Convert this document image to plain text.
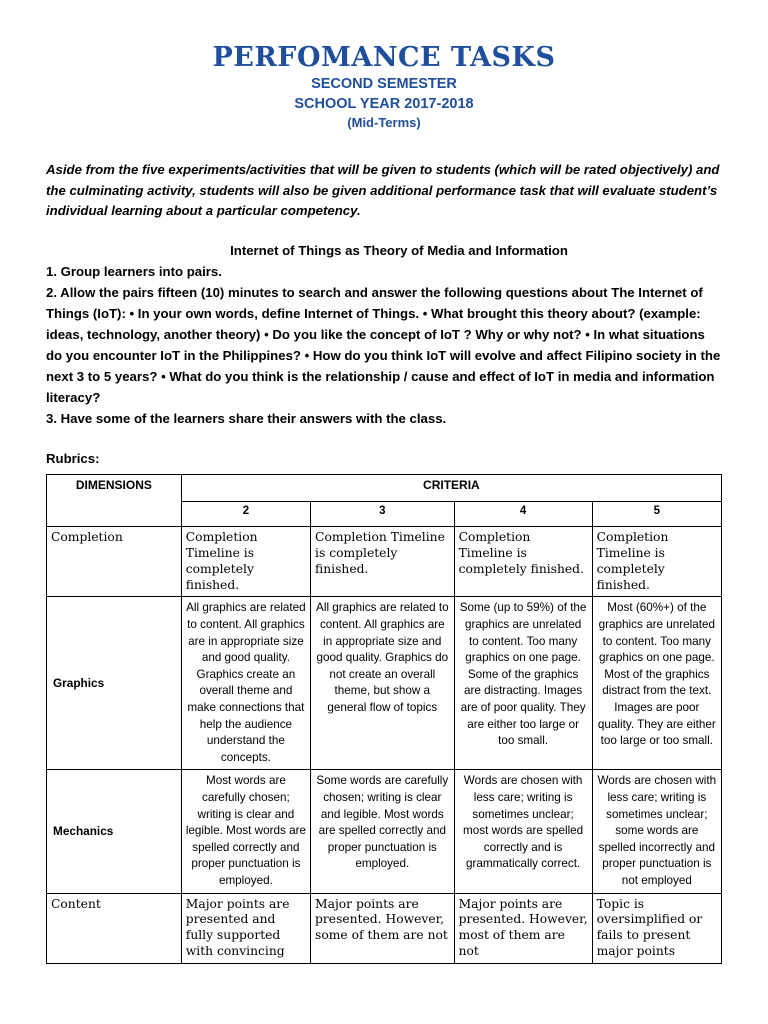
PERFOMANCE TASKS
SECOND SEMESTER
SCHOOL YEAR 2017-2018
(Mid-Terms)
Aside from the five experiments/activities that will be given to students (which will be rated objectively) and the culminating activity, students will also be given additional performance task that will evaluate student’s individual learning about a particular competency.
Internet of Things as Theory of Media and Information

1. Group learners into pairs.

2. Allow the pairs fifteen (10) minutes to search and answer the following questions about The Internet of Things (IoT): • In your own words, define Internet of Things. • What brought this theory about? (example: ideas, technology, another theory) • Do you like the concept of IoT ? Why or why not? • In what situations do you encounter IoT in the Philippines? • How do you think IoT will evolve and affect Filipino society in the next 3 to 5 years? • What do you think is the relationship / cause and effect of IoT in media and information literacy?

3. Have some of the learners share their answers with the class.

Rubrics:
DIMENSIONS	CRITERIA			
	2	3	4	5
Completion	Completion Timeline is completely finished.	Completion Timeline is completely finished.	Completion Timeline is completely finished.	Completion Timeline is completely finished.
Graphics	All graphics are related to content. All graphics are in appropriate size and good quality. Graphics create an overall theme and make connections that help the audience understand the concepts.	All graphics are related to content. All graphics are in appropriate size and good quality. Graphics do not create an overall theme, but show a general flow of topics	Some (up to 59%) of the graphics are unrelated to content. Too many graphics on one page. Some of the graphics are distracting. Images are of poor quality. They are either too large or too small.	Most (60%+) of the graphics are unrelated to content. Too many graphics on one page. Most of the graphics distract from the text. Images are poor quality. They are either too large or too small.
Mechanics	Most words are carefully chosen; writing is clear and legible. Most words are spelled correctly and proper punctuation is employed.	Some words are carefully chosen; writing is clear and legible. Most words are spelled correctly and proper punctuation is employed.	Words are chosen with less care; writing is sometimes unclear; most words are spelled correctly and is grammatically correct.	Words are chosen with less care; writing is sometimes unclear; some words are spelled incorrectly and proper punctuation is not employed
Content	Major points are presented and fully supported with convincing	Major points are presented. However, some of them are not	Major points are presented. However, most of them are not	Topic is oversimplified or fails to present major points
